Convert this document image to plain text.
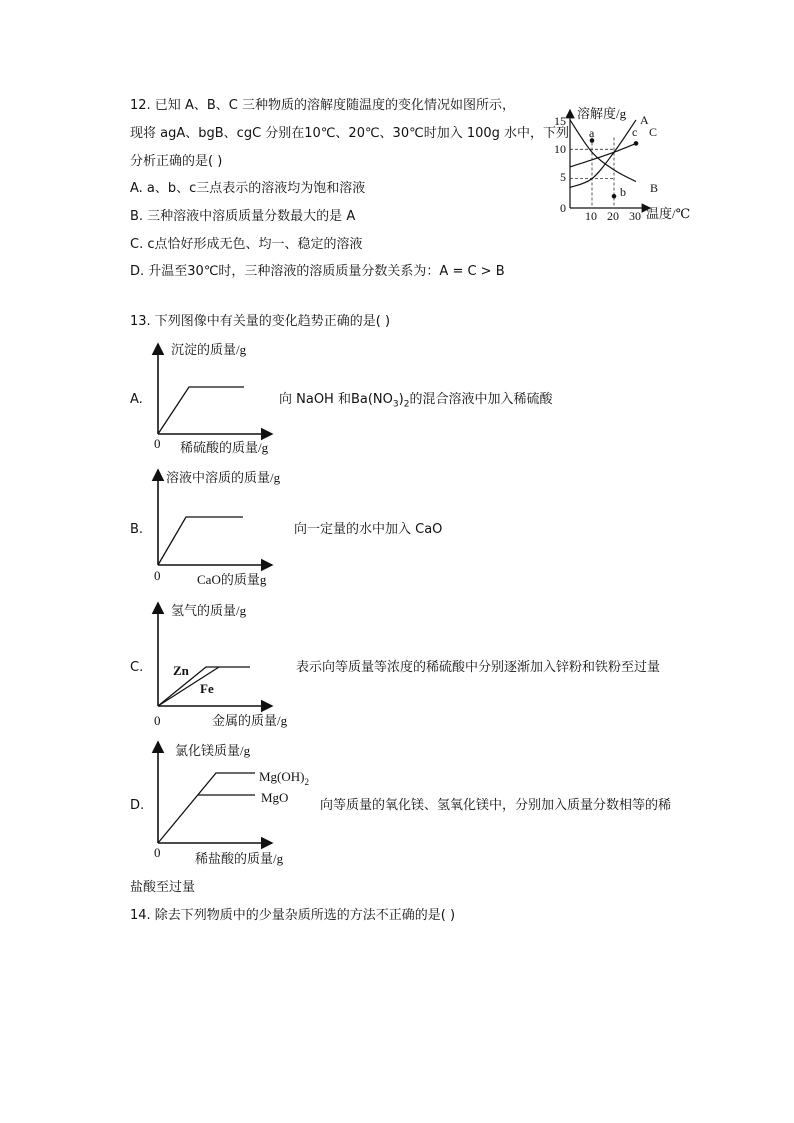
12. 已知 A、B、C 三种物质的溶解度随温度的变化情况如图所示，
现将 agA、bgB、cgC 分别在10℃、20℃、30℃时加入 100g 水中，下列
分析正确的是( )
A. a、b、c三点表示的溶液均为饱和溶液
B. 三种溶液中溶质质量分数最大的是 A
C. c点恰好形成无色、均一、稳定的溶液
D. 升温至30℃时，三种溶液的溶质质量分数关系为：A = C > B
溶解度/g
温度/℃
0
15
10
5
10 20 30
A
B
C
a
b
c
13. 下列图像中有关量的变化趋势正确的是( )
沉淀的质量/g
稀硫酸的质量/g
0
A.	向 NaOH 和$Ba(NO_3)_2$的混合溶液中加入稀硫酸
溶液中溶质的质量/g
CaO的质量g
0
B.	向一定量的水中加入 CaO
氢气的质量/g
金属的质量/g
0
Zn
Fe
C.	表示向等质量等浓度的稀硫酸中分别逐渐加入锌粉和铁粉至过量
氯化镁质量/g
稀盐酸的质量/g
0
$Mg(OH)_2$
MgO
D.	向等质量的氧化镁、氢氧化镁中，分别加入质量分数相等的稀
盐酸至过量
14. 除去下列物质中的少量杂质所选的方法不正确的是( )
